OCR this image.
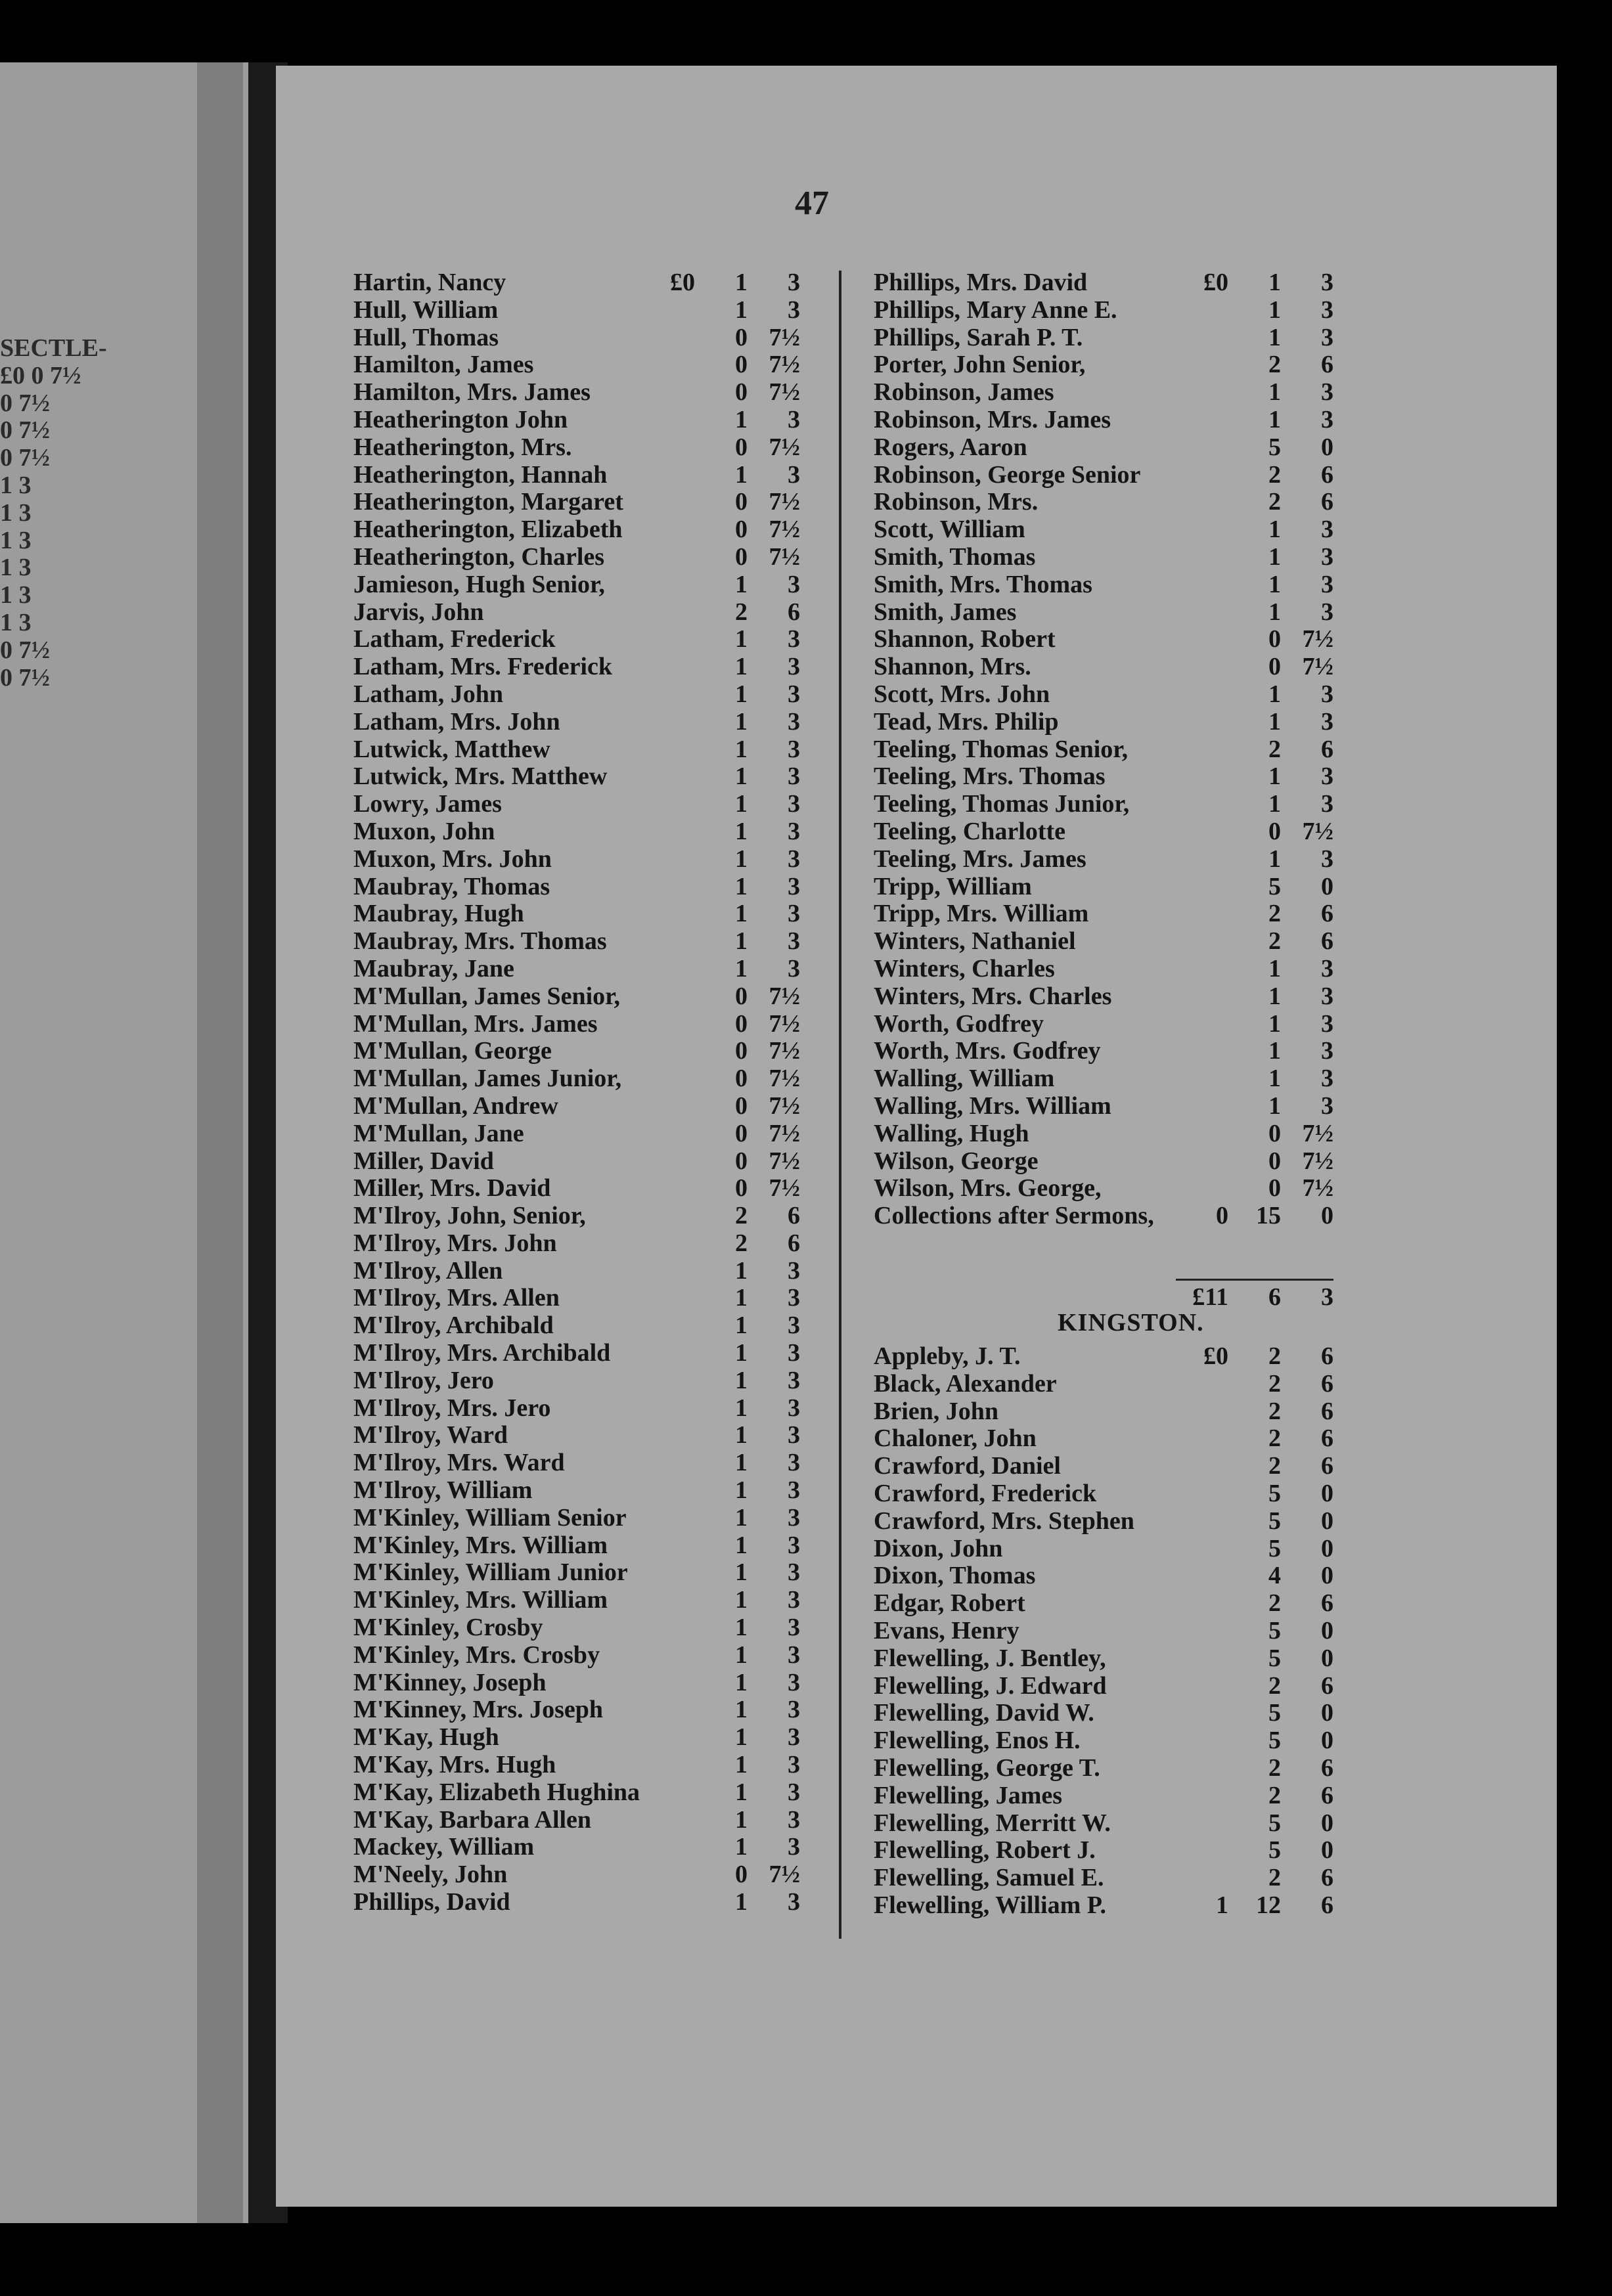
SECTLE-
£0 0 7½
0 7½
0 7½
0 7½
1 3
1 3
1 3
1 3
1 3
1 3
0 7½
0 7½
47
Hartin, Nancy	£0	1	3
Hull, William	1	3
Hull, Thomas	0 7½
Hamilton, James	0 7½
Hamilton, Mrs. James	0 7½
Heatherington John	1	3
Heatherington, Mrs.	0 7½
Heatherington, Hannah	1	3
Heatherington, Margaret	0 7½
Heatherington, Elizabeth	0 7½
Heatherington, Charles	0 7½
Jamieson, Hugh Senior,	1	3
Jarvis, John	2	6
Latham, Frederick	1	3
Latham, Mrs. Frederick	1	3
Latham, John	1	3
Latham, Mrs. John	1	3
Lutwick, Matthew	1	3
Lutwick, Mrs. Matthew	1	3
Lowry, James	1	3
Muxon, John	1	3
Muxon, Mrs. John	1	3
Maubray, Thomas	1	3
Maubray, Hugh	1	3
Maubray, Mrs. Thomas	1	3
Maubray, Jane	1	3
M'Mullan, James Senior,	0 7½
M'Mullan, Mrs. James	0 7½
M'Mullan, George	0 7½
M'Mullan, James Junior,	0 7½
M'Mullan, Andrew	0 7½
M'Mullan, Jane	0 7½
Miller, David	0 7½
Miller, Mrs. David	0 7½
M'Ilroy, John, Senior,	2	6
M'Ilroy, Mrs. John	2	6
M'Ilroy, Allen	1	3
M'Ilroy, Mrs. Allen	1	3
M'Ilroy, Archibald	1	3
M'Ilroy, Mrs. Archibald	1	3
M'Ilroy, Jero	1	3
M'Ilroy, Mrs. Jero	1	3
M'Ilroy, Ward	1	3
M'Ilroy, Mrs. Ward	1	3
M'Ilroy, William	1	3
M'Kinley, William Senior	1	3
M'Kinley, Mrs. William	1	3
M'Kinley, William Junior	1	3
M'Kinley, Mrs. William	1	3
M'Kinley, Crosby	1	3
M'Kinley, Mrs. Crosby	1	3
M'Kinney, Joseph	1	3
M'Kinney, Mrs. Joseph	1	3
M'Kay, Hugh	1	3
M'Kay, Mrs. Hugh	1	3
M'Kay, Elizabeth Hughina	1	3
M'Kay, Barbara Allen	1	3
Mackey, William	1	3
M'Neely, John	0 7½
Phillips, David	1	3
Phillips, Mrs. David	£0	1	3
Phillips, Mary Anne E.	1	3
Phillips, Sarah P. T.	1	3
Porter, John Senior,	2	6
Robinson, James	1	3
Robinson, Mrs. James	1	3
Rogers, Aaron	5	0
Robinson, George Senior	2	6
Robinson, Mrs.	2	6
Scott, William	1	3
Smith, Thomas	1	3
Smith, Mrs. Thomas	1	3
Smith, James	1	3
Shannon, Robert	0 7½
Shannon, Mrs.	0 7½
Scott, Mrs. John	1	3
Tead, Mrs. Philip	1	3
Teeling, Thomas Senior,	2	6
Teeling, Mrs. Thomas	1	3
Teeling, Thomas Junior,	1	3
Teeling, Charlotte	0 7½
Teeling, Mrs. James	1	3
Tripp, William	5	0
Tripp, Mrs. William	2	6
Winters, Nathaniel	2	6
Winters, Charles	1	3
Winters, Mrs. Charles	1	3
Worth, Godfrey	1	3
Worth, Mrs. Godfrey	1	3
Walling, William	1	3
Walling, Mrs. William	1	3
Walling, Hugh	0 7½
Wilson, George	0 7½
Wilson, Mrs. George,	0 7½
Collections after Sermons, 0	15	0
£11	6	3
KINGSTON.
Appleby, J. T.	£0	2	6
Black, Alexander	2	6
Brien, John	2	6
Chaloner, John	2	6
Crawford, Daniel	2	6
Crawford, Frederick	5	0
Crawford, Mrs. Stephen	5	0
Dixon, John	5	0
Dixon, Thomas	4	0
Edgar, Robert	2	6
Evans, Henry	5	0
Flewelling, J. Bentley,	5	0
Flewelling, J. Edward	2	6
Flewelling, David W.	5	0
Flewelling, Enos H.	5	0
Flewelling, George T.	2	6
Flewelling, James	2	6
Flewelling, Merritt W.	5	0
Flewelling, Robert J.	5	0
Flewelling, Samuel E.	2	6
Flewelling, William P.	1	12	6
